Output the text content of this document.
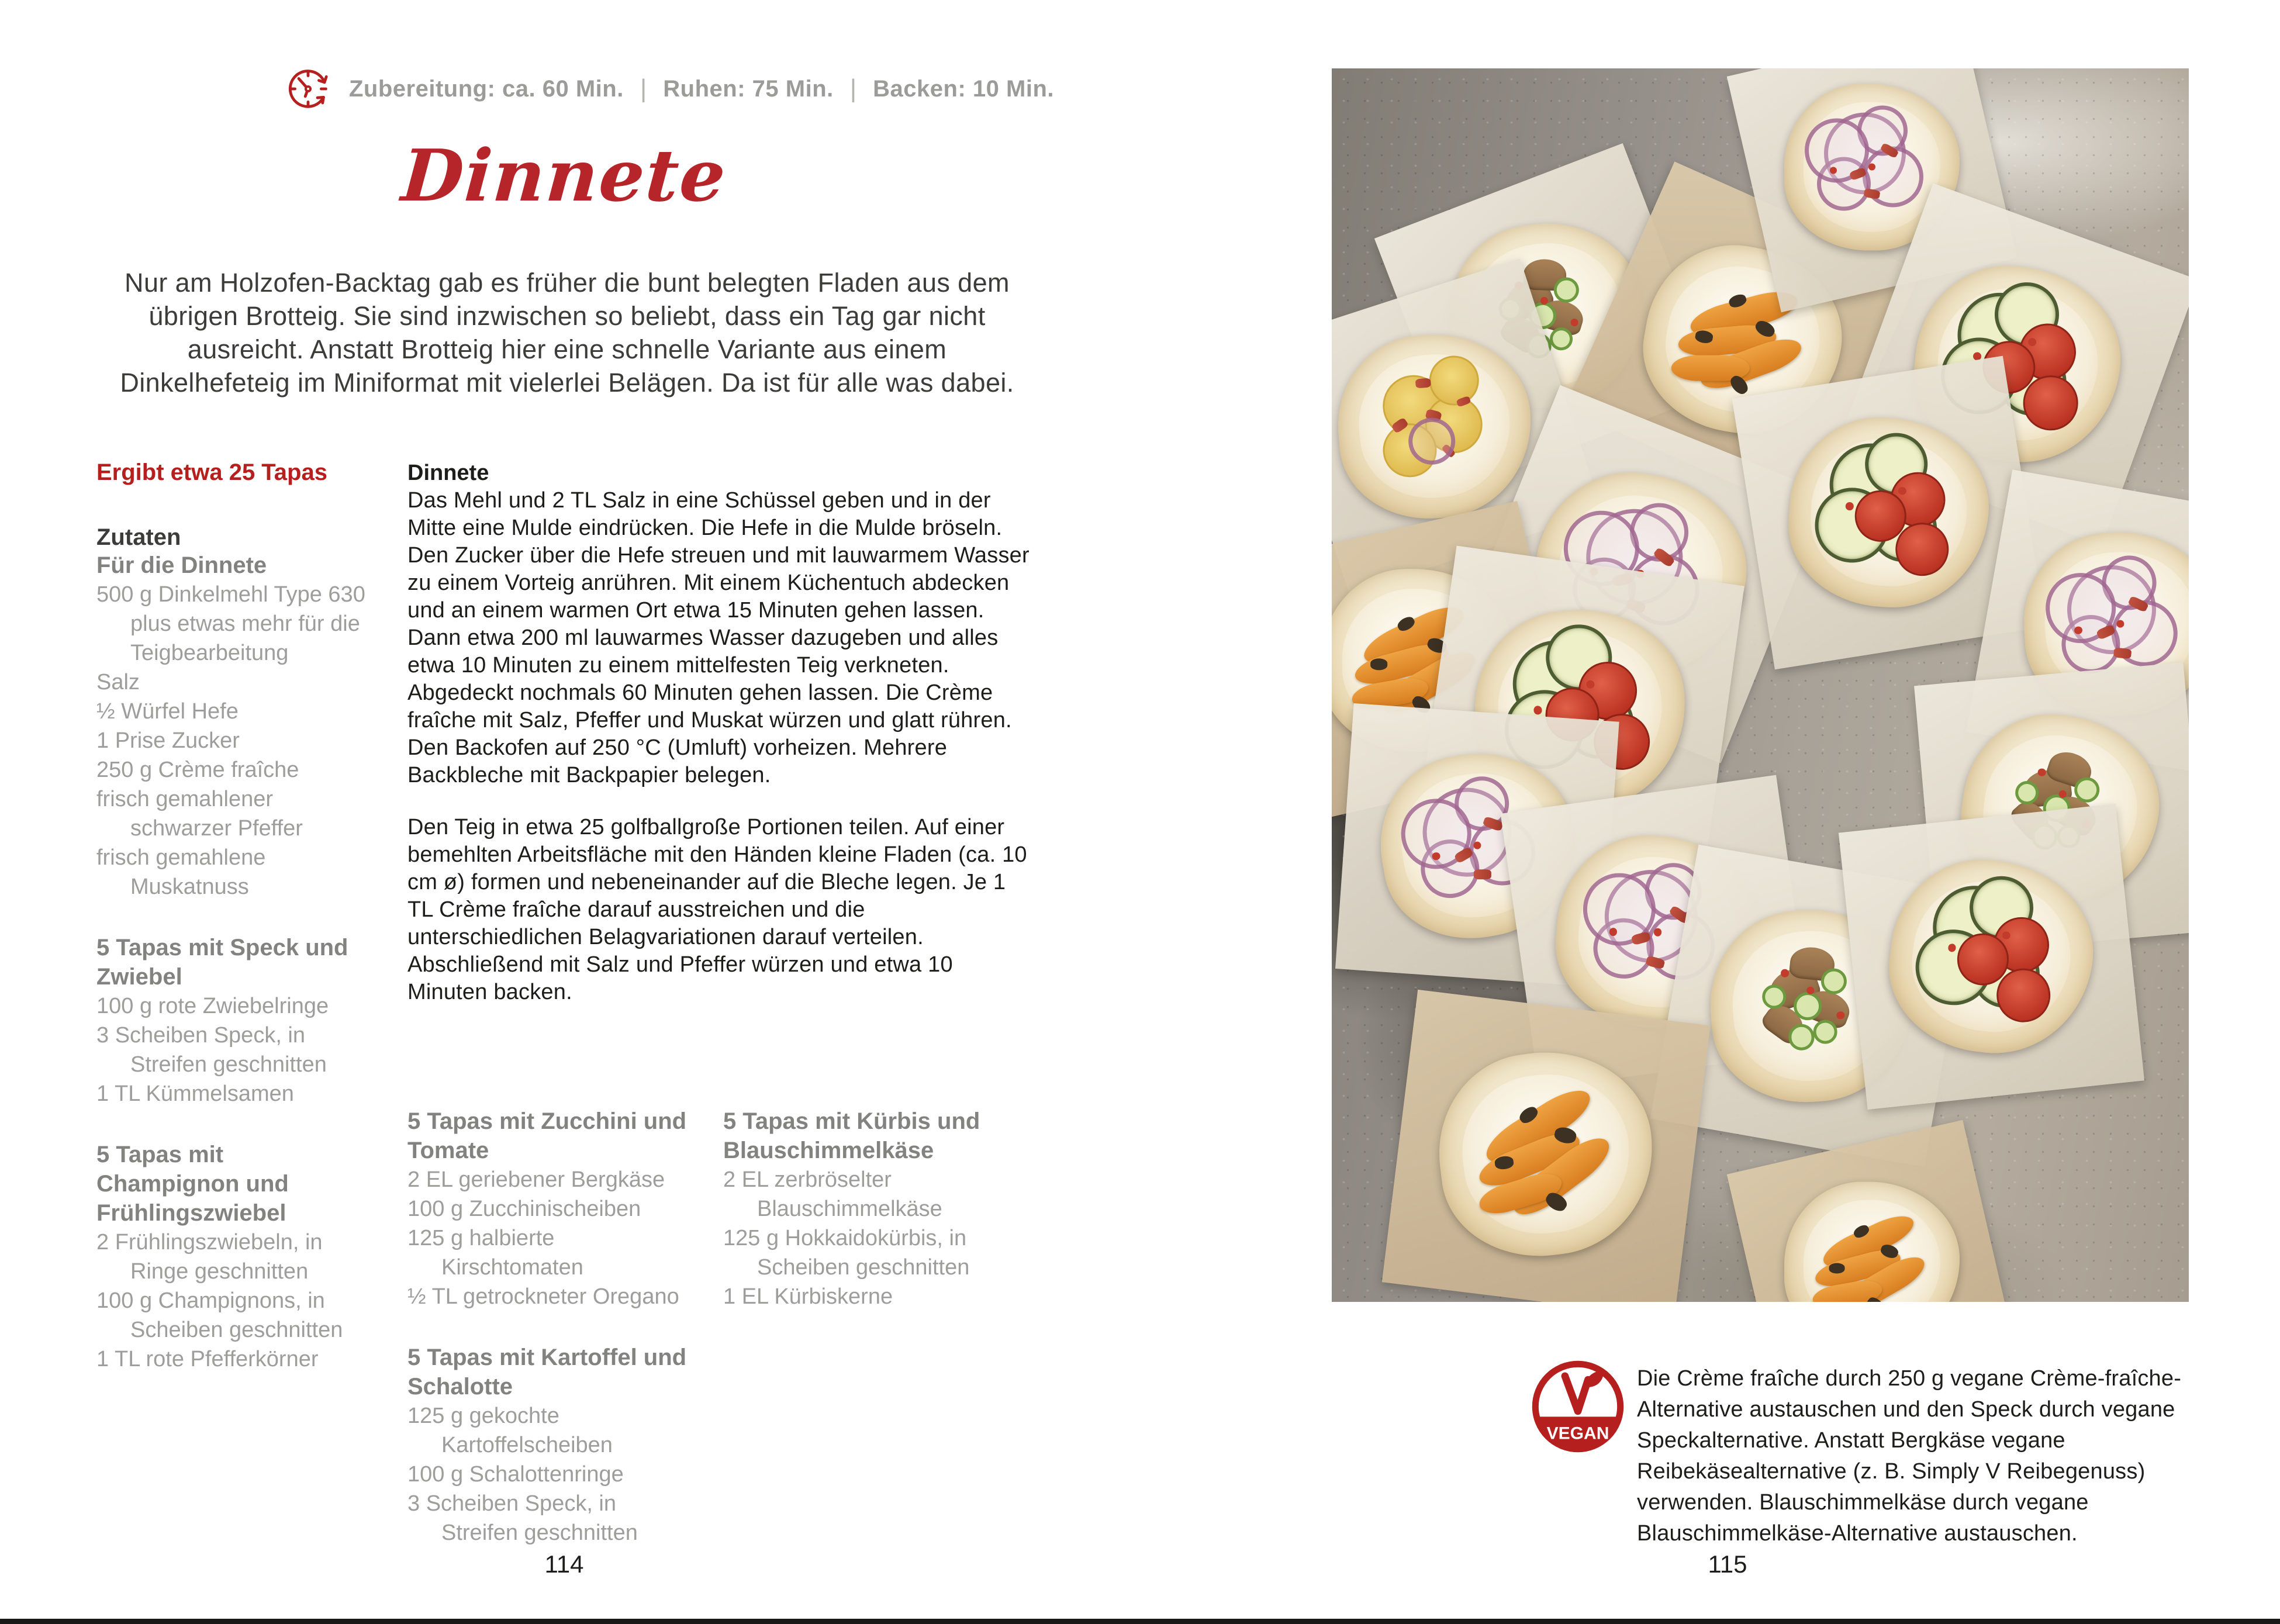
Zubereitung: ca. 60 Min. | Ruhen: 75 Min. | Backen: 10 Min.
Dinnete
Nur am Holzofen-Backtag gab es früher die bunt belegten Fladen aus dem übrigen Brotteig. Sie sind inzwischen so beliebt, dass ein Tag gar nicht ausreicht. Anstatt Brotteig hier eine schnelle Variante aus einem Dinkelhefeteig im Miniformat mit vielerlei Belägen. Da ist für alle was dabei.
Ergibt etwa 25 Tapas
Zutaten
Für die Dinnete
500 g Dinkelmehl Type 630 plus etwas mehr für die Teigbearbeitung
Salz
½ Würfel Hefe
1 Prise Zucker
250 g Crème fraîche
frisch gemahlener schwarzer Pfeffer
frisch gemahlene Muskatnuss
5 Tapas mit Speck und Zwiebel
100 g rote Zwiebelringe
3 Scheiben Speck, in Streifen geschnitten
1 TL Kümmelsamen
5 Tapas mit Champignon und Frühlingszwiebel
2 Frühlingszwiebeln, in Ringe geschnitten
100 g Champignons, in Scheiben geschnitten
1 TL rote Pfefferkörner
Dinnete

Das Mehl und 2 TL Salz in eine Schüssel geben und in der Mitte eine Mulde eindrücken. Die Hefe in die Mulde bröseln. Den Zucker über die Hefe streuen und mit lauwarmem Wasser zu einem Vorteig anrühren. Mit einem Küchentuch abdecken und an einem warmen Ort etwa 15 Minuten gehen lassen. Dann etwa 200 ml lauwarmes Wasser dazugeben und alles etwa 10 Minuten zu einem mittelfesten Teig verkneten. Abgedeckt nochmals 60 Minuten gehen lassen. Die Crème fraîche mit Salz, Pfeffer und Muskat würzen und glatt rühren. Den Backofen auf 250 °C (Umluft) vorheizen. Mehrere Backbleche mit Backpapier belegen.

Den Teig in etwa 25 golfballgroße Portionen teilen. Auf einer bemehlten Arbeitsfläche mit den Händen kleine Fladen (ca. 10 cm ø) formen und nebeneinander auf die Bleche legen. Je 1 TL Crème fraîche darauf ausstreichen und die unterschiedlichen Belagvariationen darauf verteilen. Abschließend mit Salz und Pfeffer würzen und etwa 10 Minuten backen.

5 Tapas mit Zucchini und Tomate
2 EL geriebener Bergkäse
100 g Zucchinischeiben
125 g halbierte Kirschtomaten
½ TL getrockneter Oregano
5 Tapas mit Kartoffel und Schalotte
125 g gekochte Kartoffelscheiben
100 g Schalottenringe
3 Scheiben Speck, in Streifen geschnitten
5 Tapas mit Kürbis und Blauschimmelkäse
2 EL zerbröselter Blauschimmelkäse
125 g Hokkaidokürbis, in Scheiben geschnitten
1 EL Kürbiskerne
VEGAN
Die Crème fraîche durch 250 g vegane Crème-fraîche-Alternative austauschen und den Speck durch vegane Speckalternative. Anstatt Bergkäse vegane Reibekäsealternative (z. B. Simply V Reibegenuss) verwenden. Blauschimmelkäse durch vegane Blauschimmelkäse-Alternative austauschen.
114	115
